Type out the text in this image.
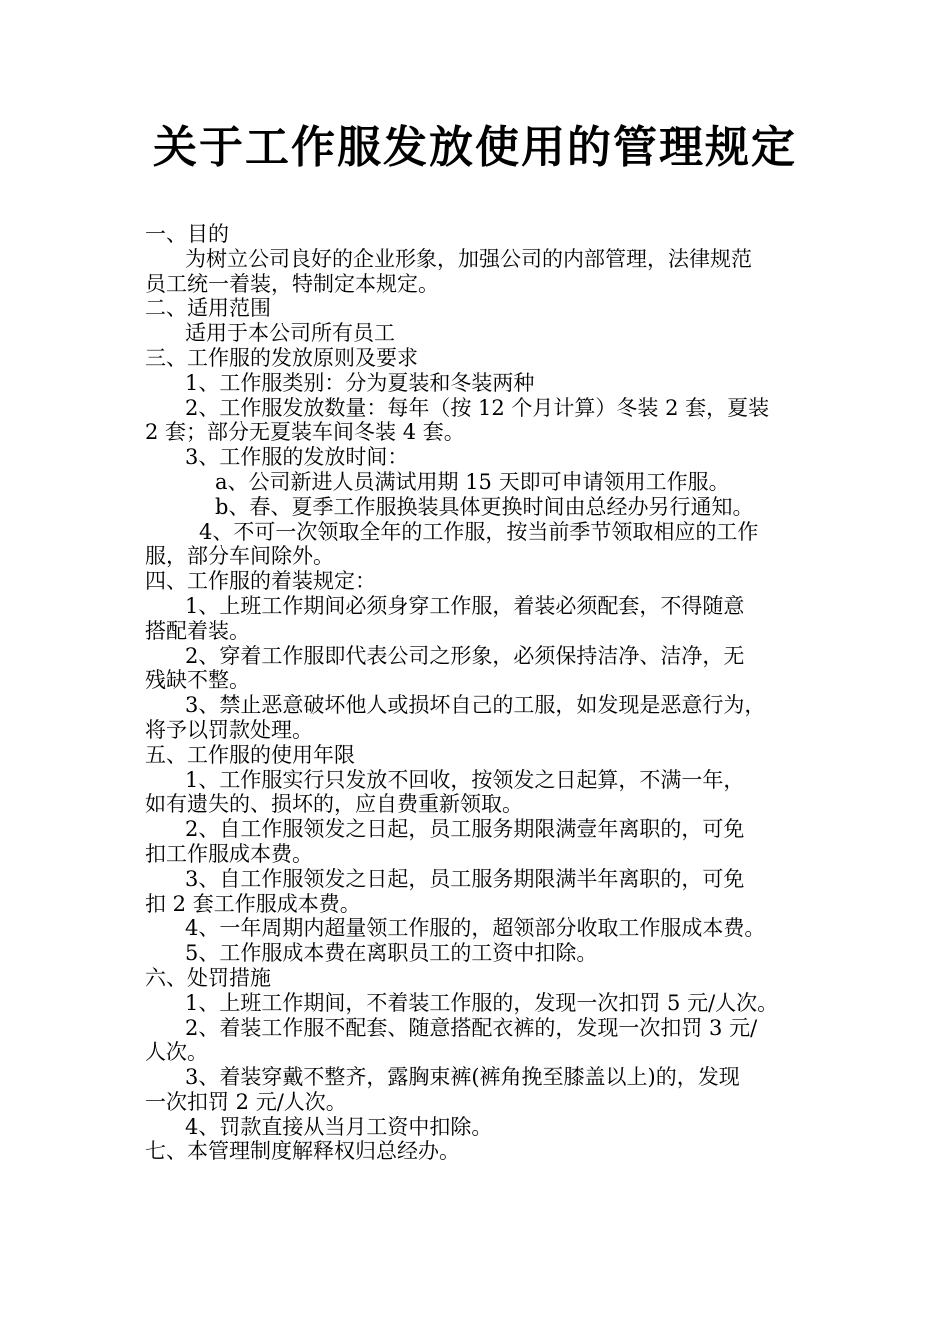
关于工作服发放使用的管理规定
一、目的
为树立公司良好的企业形象，加强公司的内部管理，法律规范
员工统一着装，特制定本规定。
二、适用范围
适用于本公司所有员工
三、工作服的发放原则及要求
1、工作服类别：分为夏装和冬装两种
2、工作服发放数量：每年（按 12 个月计算）冬装 2 套，夏装
2 套；部分无夏装车间冬装 4 套。
3、工作服的发放时间：
a、公司新进人员满试用期 15 天即可申请领用工作服。
b、春、夏季工作服换装具体更换时间由总经办另行通知。
4、不可一次领取全年的工作服，按当前季节领取相应的工作
服，部分车间除外。
四、工作服的着装规定：
1、上班工作期间必须身穿工作服，着装必须配套，不得随意
搭配着装。
2、穿着工作服即代表公司之形象，必须保持洁净、洁净，无
残缺不整。
3、禁止恶意破坏他人或损坏自己的工服，如发现是恶意行为，
将予以罚款处理。
五、工作服的使用年限
1、工作服实行只发放不回收，按领发之日起算，不满一年，
如有遗失的、损坏的，应自费重新领取。
2、自工作服领发之日起，员工服务期限满壹年离职的，可免
扣工作服成本费。
3、自工作服领发之日起，员工服务期限满半年离职的，可免
扣 2 套工作服成本费。
4、一年周期内超量领工作服的，超领部分收取工作服成本费。
5、工作服成本费在离职员工的工资中扣除。
六、处罚措施
1、上班工作期间，不着装工作服的，发现一次扣罚 5 元/人次。
2、着装工作服不配套、随意搭配衣裤的，发现一次扣罚 3 元/
人次。
3、着装穿戴不整齐，露胸束裤(裤角挽至膝盖以上)的，发现
一次扣罚 2 元/人次。
4、罚款直接从当月工资中扣除。
七、本管理制度解释权归总经办。
